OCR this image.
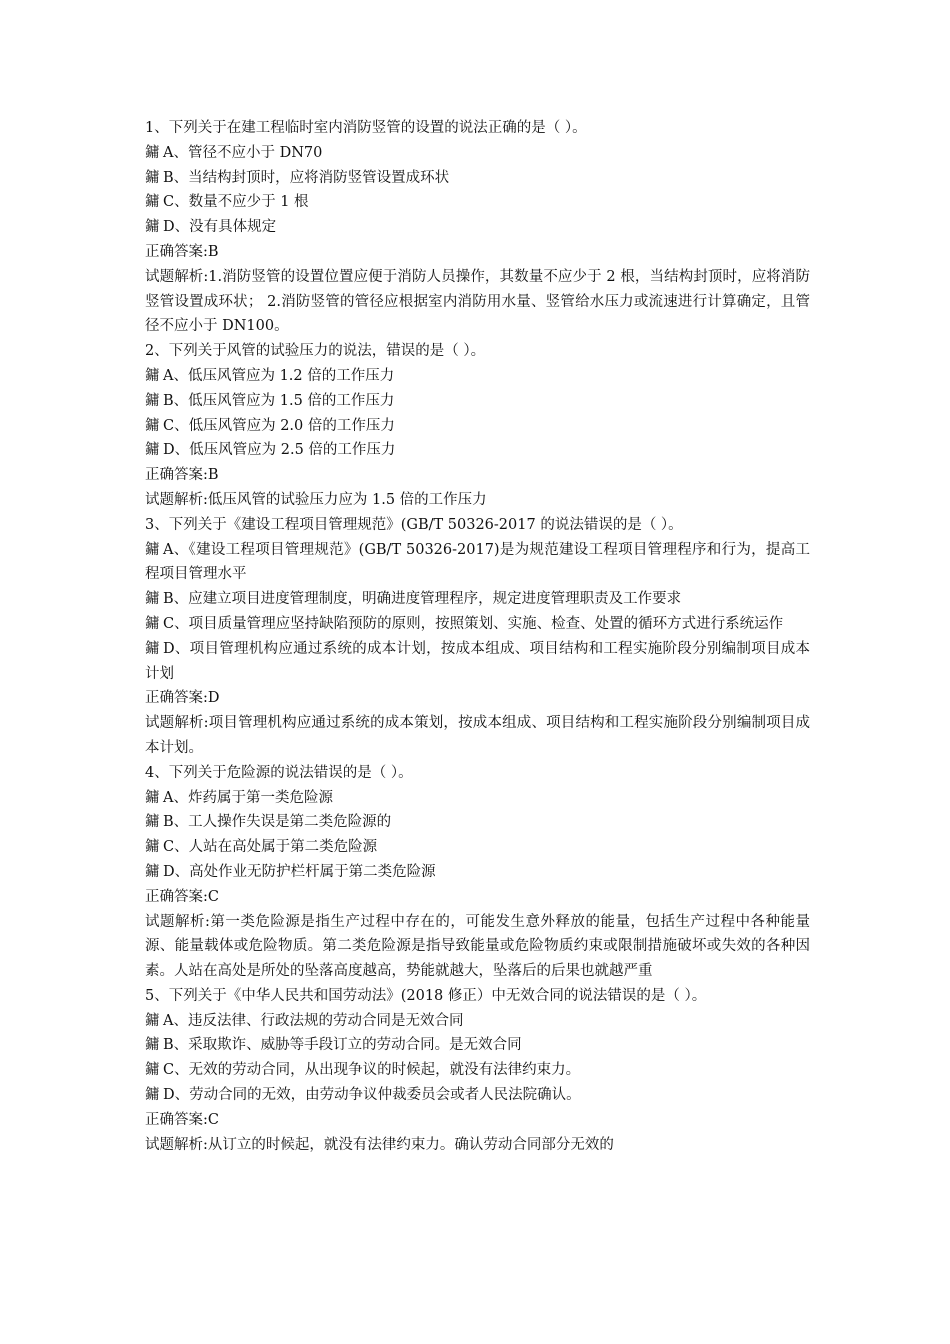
1、下列关于在建工程临时室内消防竖管的设置的说法正确的是（ ）。

鏞 A、管径不应小于 DN70

鏞 B、当结构封顶时，应将消防竖管设置成环状

鏞 C、数量不应少于 1 根

鏞 D、没有具体规定

正确答案:B

试题解析:1.消防竖管的设置位置应便于消防人员操作，其数量不应少于 2 根，当结构封顶时，应将消防竖管设置成环状； 2.消防竖管的管径应根据室内消防用水量、竖管给水压力或流速进行计算确定，且管径不应小于 DN100。

2、下列关于风管的试验压力的说法，错误的是（ ）。

鏞 A、低压风管应为 1.2 倍的工作压力

鏞 B、低压风管应为 1.5 倍的工作压力

鏞 C、低压风管应为 2.0 倍的工作压力

鏞 D、低压风管应为 2.5 倍的工作压力

正确答案:B

试题解析:低压风管的试验压力应为 1.5 倍的工作压力

3、下列关于《建设工程项目管理规范》(GB/T 50326-2017 的说法错误的是（ ）。

鏞 A、《建设工程项目管理规范》(GB/T 50326-2017)是为规范建设工程项目管理程序和行为，提高工程项目管理水平

鏞 B、应建立项目进度管理制度，明确进度管理程序，规定进度管理职责及工作要求

鏞 C、项目质量管理应坚持缺陷预防的原则，按照策划、实施、检查、处置的循环方式进行系统运作

鏞 D、项目管理机构应通过系统的成本计划，按成本组成、项目结构和工程实施阶段分别编制项目成本计划

正确答案:D

试题解析:项目管理机构应通过系统的成本策划，按成本组成、项目结构和工程实施阶段分别编制项目成本计划。

4、下列关于危险源的说法错误的是（ ）。

鏞 A、炸药属于第一类危险源

鏞 B、工人操作失误是第二类危险源的

鏞 C、人站在高处属于第二类危险源

鏞 D、高处作业无防护栏杆属于第二类危险源

正确答案:C

试题解析:第一类危险源是指生产过程中存在的，可能发生意外释放的能量，包括生产过程中各种能量源、能量载体或危险物质。第二类危险源是指导致能量或危险物质约束或限制措施破坏或失效的各种因素。人站在高处是所处的坠落高度越高，势能就越大，坠落后的后果也就越严重

5、下列关于《中华人民共和国劳动法》(2018 修正）中无效合同的说法错误的是（ ）。

鏞 A、违反法律、行政法规的劳动合同是无效合同

鏞 B、采取欺诈、威胁等手段订立的劳动合同。是无效合同

鏞 C、无效的劳动合同，从出现争议的时候起，就没有法律约束力。

鏞 D、劳动合同的无效，由劳动争议仲裁委员会或者人民法院确认。

正确答案:C

试题解析:从订立的时候起，就没有法律约束力。确认劳动合同部分无效的
